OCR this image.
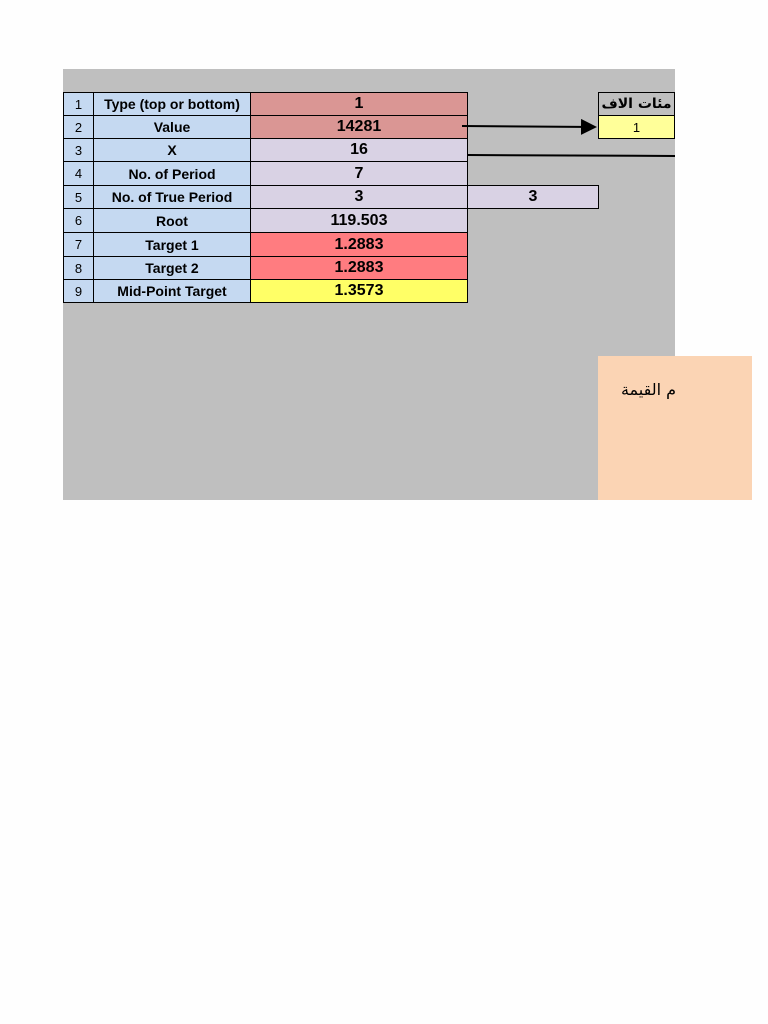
1	Type (top or bottom)	1
2	Value	14281
3	X	16
4	No. of Period	7
5	No. of True Period	3	3
6	Root	119.503
7	Target 1	1.2883
8	Target 2	1.2883
9	Mid-Point Target	1.3573
مئات الاف
1
م القيمة
